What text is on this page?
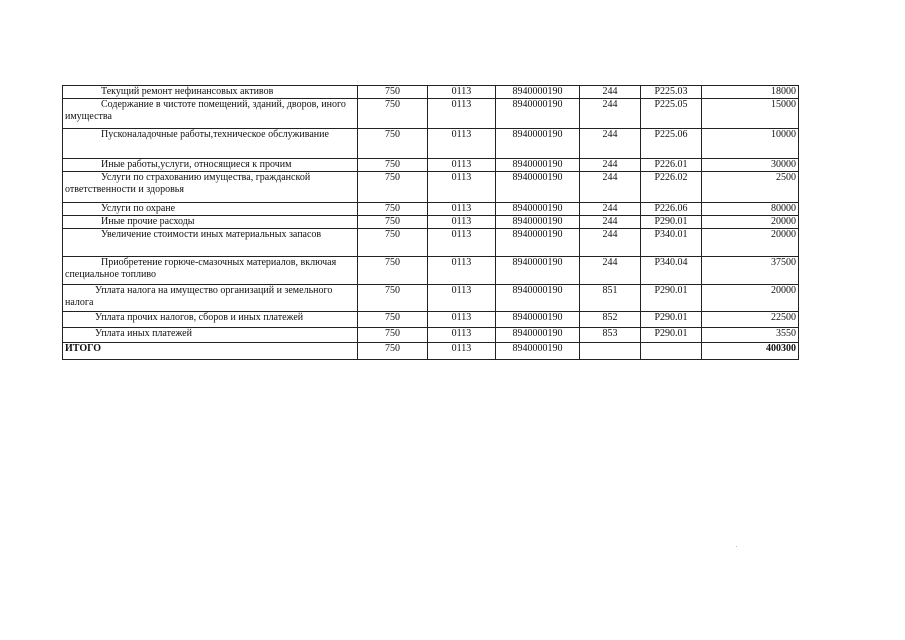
Текущий ремонт нефинансовых активов	750	0113	8940000190	244	Р225.03	18000
Содержание в чистоте помещений, зданий, дворов, иного имущества	750	0113	8940000190	244	Р225.05	15000
Пусконаладочные работы,техническое обслуживание	750	0113	8940000190	244	Р225.06	10000
Иные работы,услуги, относящиеся к прочим	750	0113	8940000190	244	Р226.01	30000
Услуги по страхованию имущества, гражданской ответственности и здоровья	750	0113	8940000190	244	Р226.02	2500
Услуги по охране	750	0113	8940000190	244	Р226.06	80000
Иные прочие расходы	750	0113	8940000190	244	Р290.01	20000
Увеличение стоимости иных материальных запасов	750	0113	8940000190	244	Р340.01	20000
Приобретение горюче-смазочных материалов, включая специальное топливо	750	0113	8940000190	244	Р340.04	37500
Уплата налога на имущество организаций и земельного налога	750	0113	8940000190	851	Р290.01	20000
Уплата прочих налогов, сборов и иных платежей	750	0113	8940000190	852	Р290.01	22500
Уплата иных платежей	750	0113	8940000190	853	Р290.01	3550
ИТОГО	750	0113	8940000190			400300
